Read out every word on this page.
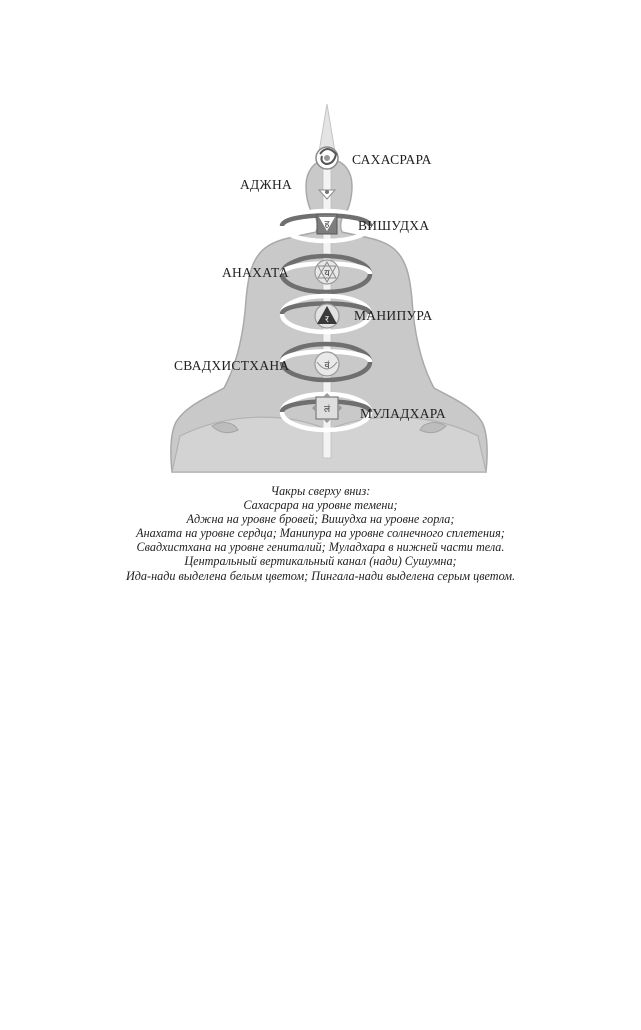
ह
य
र
वं
लं
САХАСРАРА
АДЖНА
ВИШУДХА
АНАХАТА
МАНИПУРА
СВАДХИСТХАНА
МУЛАДХАРА
Чакры сверху вниз:
Сахасрара на уровне темени;
Аджна на уровне бровей; Вишудха на уровне горла;
Анахата на уровне сердца; Манипура на уровне солнечного сплетения;
Свадхистхана на уровне гениталий; Муладхара в нижней части тела.
Центральный вертикальный канал (нади) Сушумна;
Ида-нади выделена белым цветом; Пингала-нади выделена серым цветом.
